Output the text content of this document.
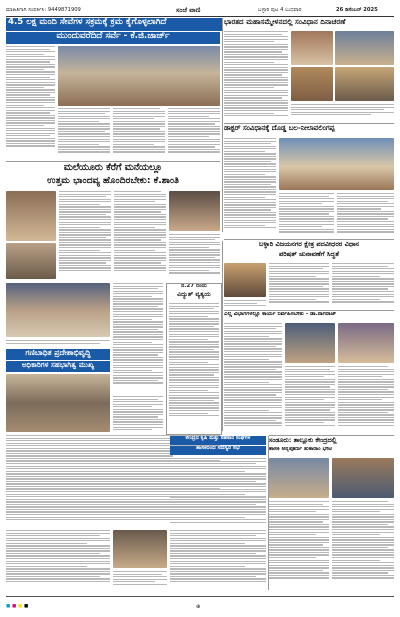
ಮಾಹಿತಿಗಾಗಿ ಸಂಪರ್ಕಿಸಿ: 9449871909	ಸಂಜೆ ವಾಣಿ	ಬಳ್ಳಾರಿ ಪುಟ 4 ಬುಧವಾರ	26 ಡಿಸೆಂಬರ್ 2025
4.5 ಲಕ್ಷ ಮಂದಿ ಸೇವೆಗಳ ಸಕ್ರಮಕ್ಕೆ ಕ್ರಮ ಕೈಗೊಳ್ಳಲಾಗಿದೆ
ಮುಂದುವರೆದಿದೆ ಸರ್ವೆ - ಕೆ.ಜಿ.ಜಾರ್ಜ್
ಭಾರತದ ಮಹಾಸಮ್ಮೇಳನದಲ್ಲಿ ಸಂವಿಧಾನ ದಿನಾಚರಣೆ
ಡಾಕ್ಟರ್ ಸಂವಿಧಾನಕ್ಕೆ ದೊಡ್ಡ ಬಲ-ನೀಲಾವಲಿಂಗಪ್ಪ
ಮಲೆಯೂರು ಕೆರೆಗೆ ಮನೆಯಲ್ಲೂ
ಉತ್ತಮ ಭಾಂದವ್ಯ ಹೊಂದಿರಬೇಕು: ಕೆ.ಶಾಂತಿ
ಬಳ್ಳಾರಿ ವಿಜಯನಗರ ಕ್ಷೇತ್ರ ಪದವೀಧರರ ವಿಧಾನ
ಪರಿಷತ್ ಚುನಾವಣೆಗೆ ಸಿದ್ಧತೆ
ಎಲ್ಲ ವಿಭಾಗಗಳಲ್ಲೂ ಕಾರ್ಯ ನಿರ್ವಹಿಸಬೇಕು - ಡಾ.ನಾಗರಾಜ್
ನ.27 ರಂದು
ವಿದ್ಯುತ್ ವ್ಯತ್ಯಯ
ಗಣಿಬಾಧಿತ ಪ್ರದೇಶಾಭಿವೃದ್ಧಿ
ಅಧಿಕಾರಿಗಳ ಸಹಭಾಗಿತ್ವ ಮುಖ್ಯ
ಕೇಂದ್ರದ ಕೃಷಿ ಮತ್ತು ಸಹಕಾರ ಸಂಘಗಳ
ಶಾಸಕರಿಂದ ಸದಸ್ಯರ ಸಭೆ
ಸಂಡೂರು: ತಾಲ್ಲೂಕು ಕೇಂದ್ರದಲ್ಲಿ
ಶಾಸಕಿ ಅನ್ನಪೂರ್ಣ ತುಕಾರಾಂ ಭೇಟಿ
⊕
■ ■ ■ ■
